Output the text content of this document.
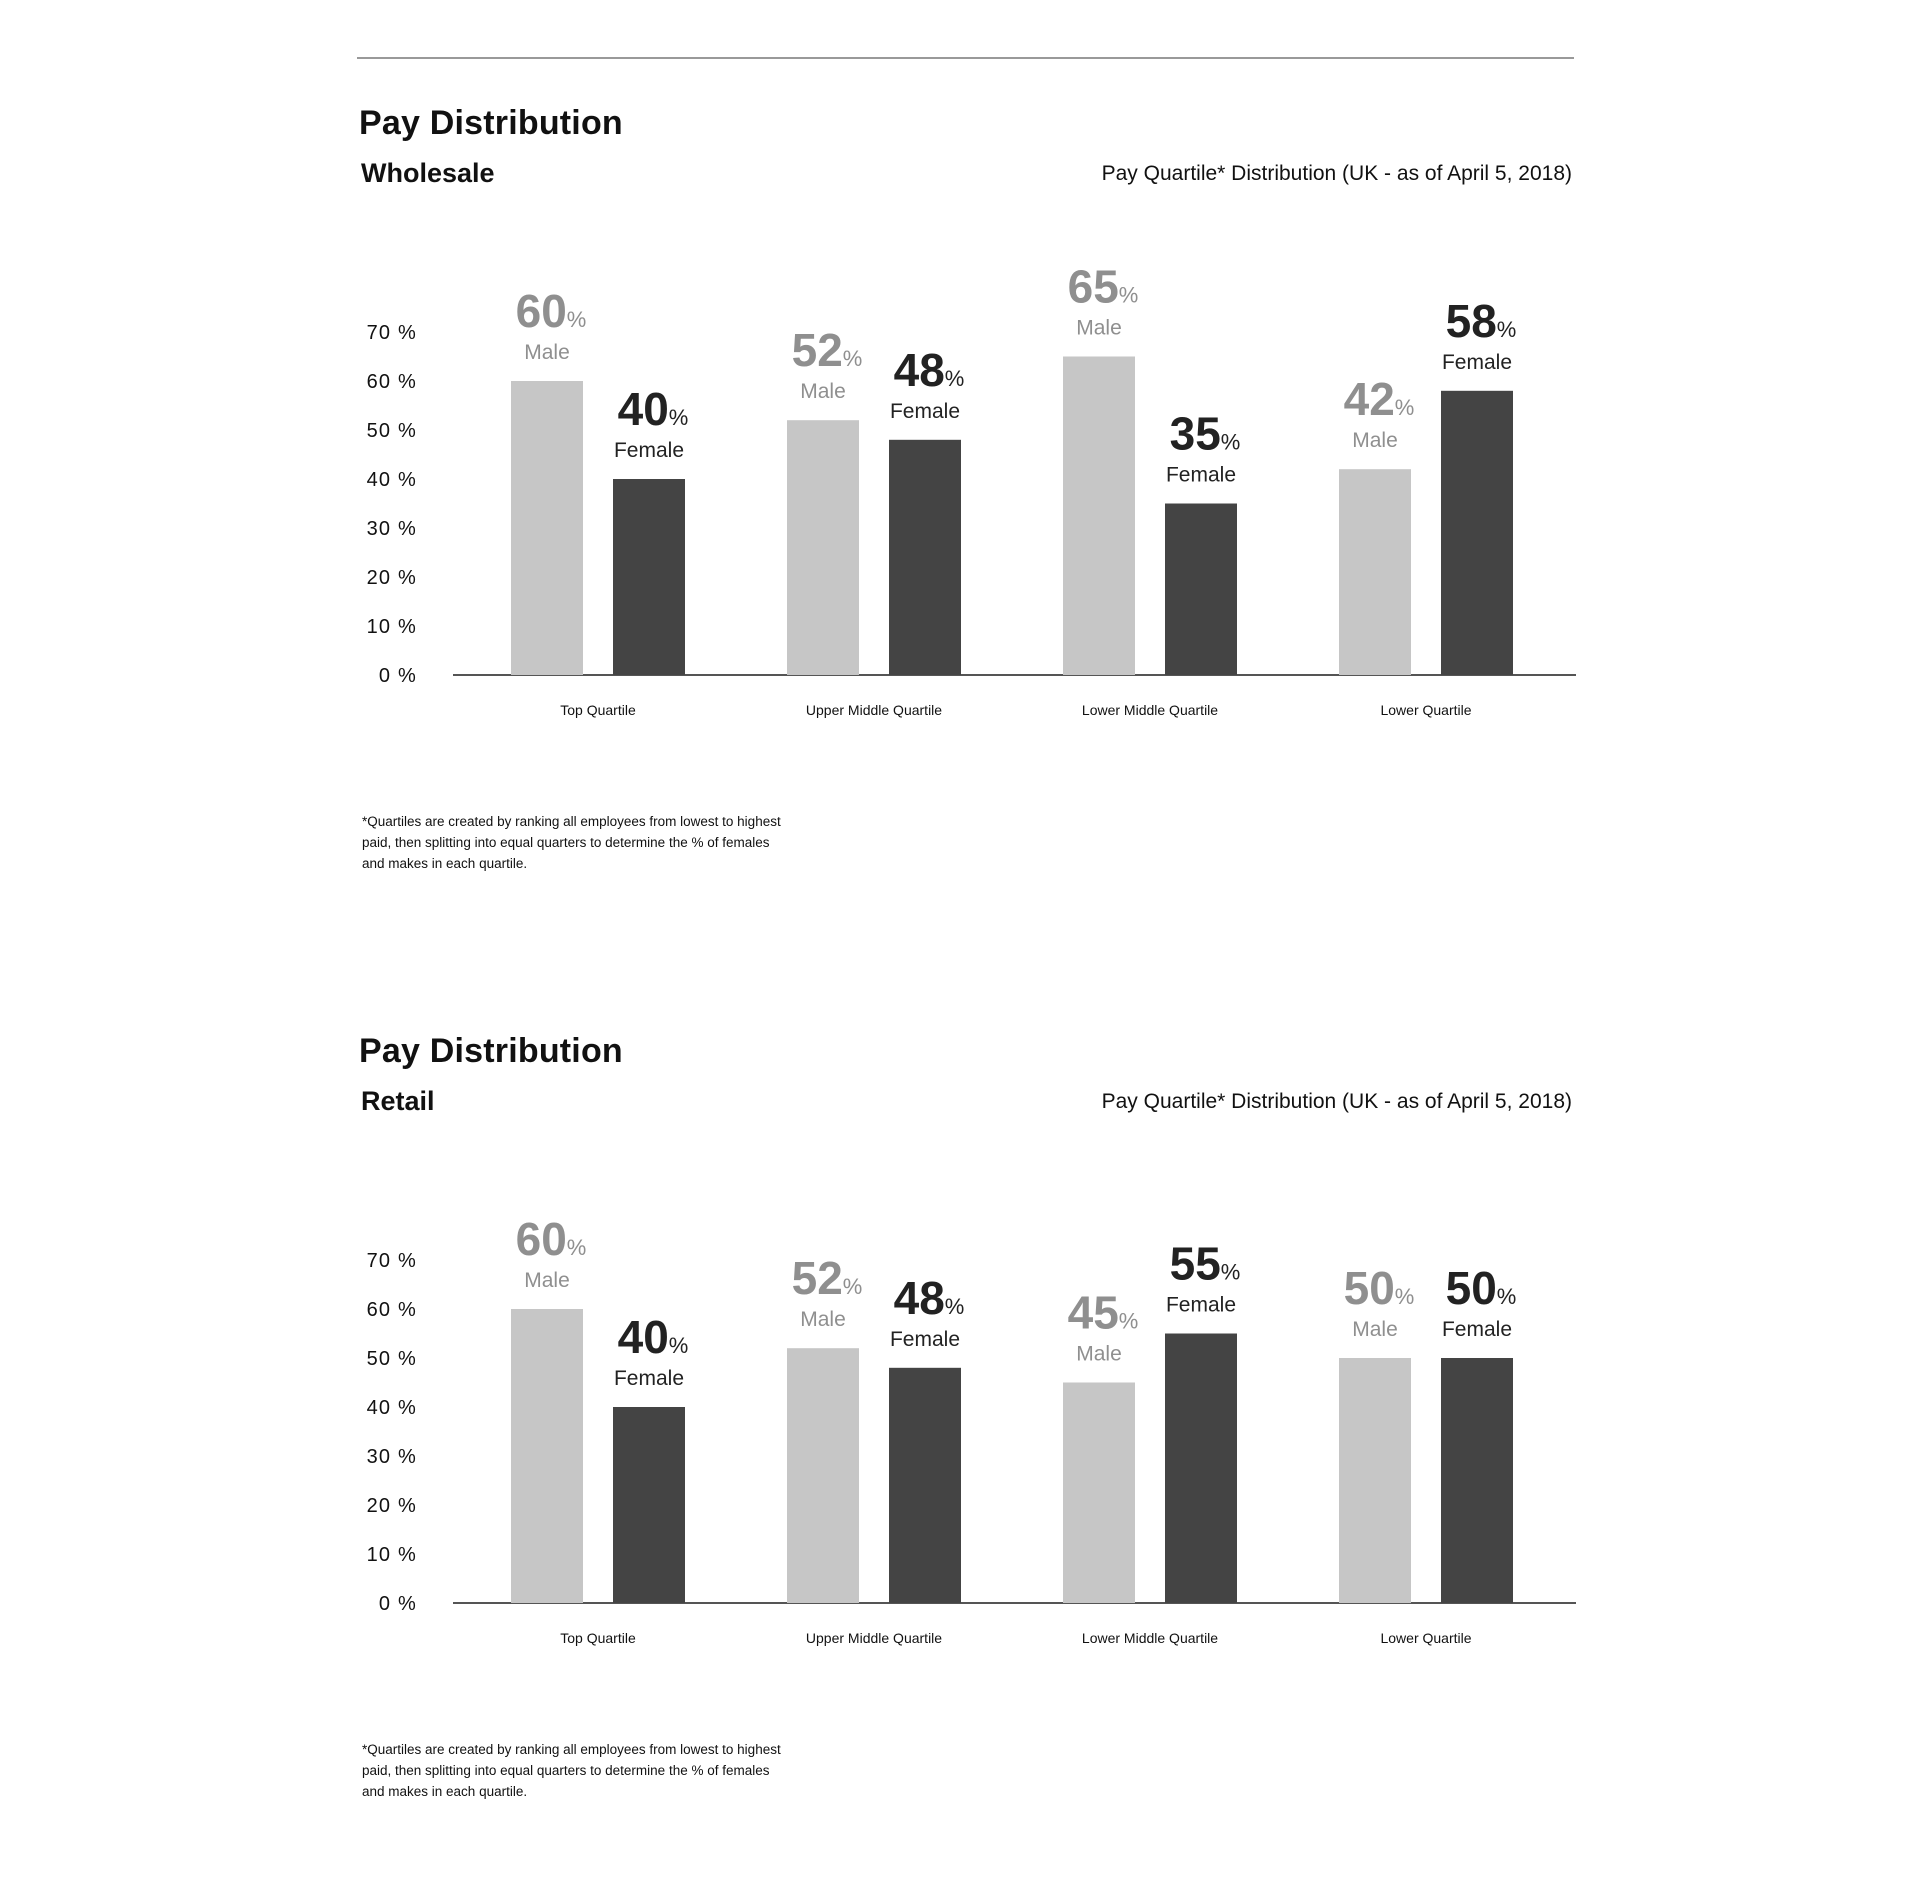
Pay Distribution
Wholesale	Pay Quartile* Distribution (UK - as of April 5, 2018)
0 %
10 %
20 %
30 %
40 %
50 %
60 %
70 % 60%
Male
40%
Female
Top Quartile
52%
Male 48%
Female
Upper Middle Quartile
65%
Male
35%
Female
Lower Middle Quartile
42%
Male
58%
Female
Lower Quartile

*Quartiles are created by ranking all employees from lowest to highest paid, then splitting into equal quarters to determine the % of females and makes in each quartile.

Pay Distribution
Retail	Pay Quartile* Distribution (UK - as of April 5, 2018)
0 %
10 %
20 %
30 %
40 %
50 %
60 %
70 % 60%
Male
40%
Female
Top Quartile
52%
Male 48%
Female
Upper Middle Quartile
45%
Male
55%
Female
Lower Middle Quartile
50%
Male
50%
Female
Lower Quartile

*Quartiles are created by ranking all employees from lowest to highest paid, then splitting into equal quarters to determine the % of females and makes in each quartile.
